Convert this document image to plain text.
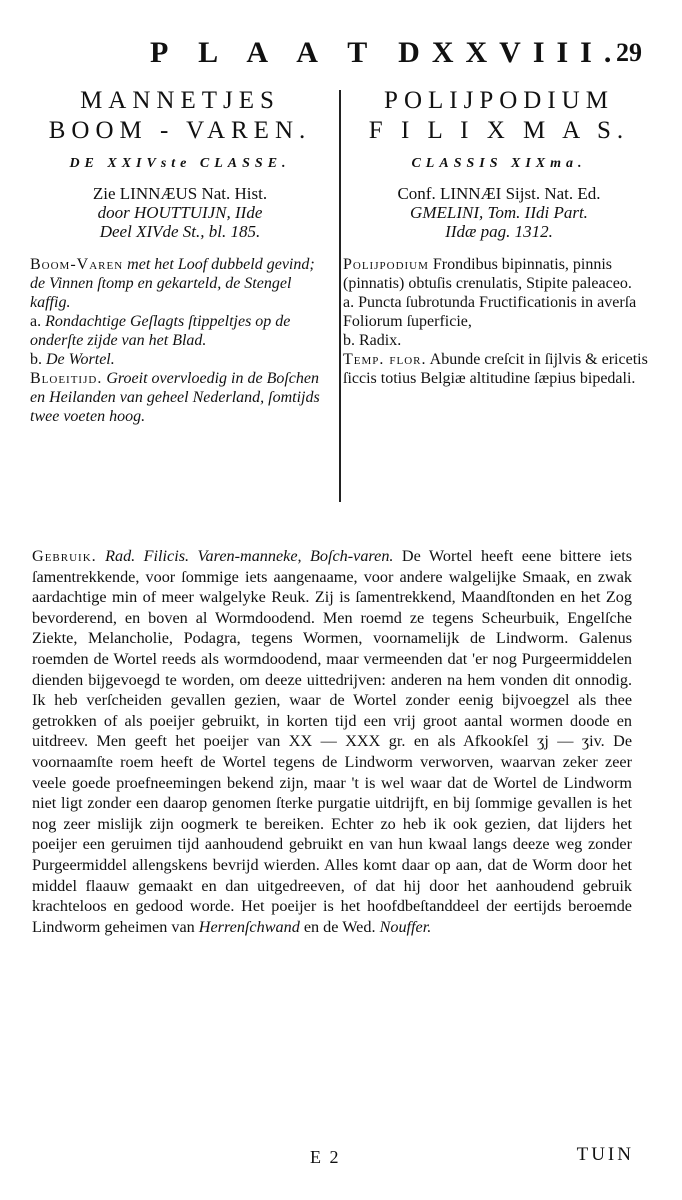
P L A A T DXXVIII.
29
MANNETJES
BOOM - VAREN.
DE XXIVste CLASSE.
Zie LINNÆUS Nat. Hist.
door HOUTTUIJN, IIde
Deel XIVde St., bl. 185.

Boom-Varen met het Loof dubbeld gevind; de Vinnen ſtomp en gekarteld, de Stengel kaffig.

a. Rondachtige Geſlagts ſtippeltjes op de onderſte zijde van het Blad.

b. De Wortel.

Bloeitijd. Groeit overvloedig in de Boſchen en Heilanden van geheel Nederland, ſomtijds twee voeten hoog.

POLIJPODIUM
F I L I X M A S.
CLASSIS XIXma.
Conf. LINNÆI Sijst. Nat. Ed.
GMELINI, Tom. IIdi Part.
IIdæ pag. 1312.

Polijpodium Frondibus bipinnatis, pinnis (pinnatis) obtuſis crenulatis, Stipite paleaceo.

a. Puncta ſubrotunda Fructificationis in averſa Foliorum ſuperficie,

b. Radix.

Temp. flor. Abunde creſcit in ſijlvis & ericetis ſiccis totius Belgiæ altitudine ſæpius bipedali.

Gebruik. Rad. Filicis. Varen-manneke, Boſch-varen. De Wortel heeft eene bittere iets ſamentrekkende, voor ſommige iets aangenaame, voor andere walgelijke Smaak, en zwak aardachtige min of meer walgelyke Reuk. Zij is ſamentrekkend, Maandſtonden en het Zog bevorderend, en boven al Wormdoodend. Men roemd ze tegens Scheurbuik, Engelſche Ziekte, Melancholie, Podagra, tegens Wormen, voornamelijk de Lindworm. Galenus roemden de Wortel reeds als wormdoodend, maar vermeenden dat 'er nog Purgeermiddelen dienden bijgevoegd te worden, om deeze uittedrijven: anderen na hem vonden dit onnodig. Ik heb verſcheiden gevallen gezien, waar de Wortel zonder eenig bijvoegzel als thee getrokken of als poeijer gebruikt, in korten tijd een vrij groot aantal wormen doode en uitdreev. Men geeft het poeijer van XX — XXX gr. en als Afkookſel ʒj — ʒiv. De voornaamſte roem heeft de Wortel tegens de Lindworm verworven, waarvan zeker zeer veele goede proefneemingen bekend zijn, maar 't is wel waar dat de Wortel de Lindworm niet ligt zonder een daarop genomen ſterke purgatie uitdrijft, en bij ſommige gevallen is het nog zeer mislijk zijn oogmerk te bereiken. Echter zo heb ik ook gezien, dat lijders het poeijer een geruimen tijd aanhoudend gebruikt en van hun kwaal langs deeze weg zonder Purgeermiddel allengskens bevrijd wierden. Alles komt daar op aan, dat de Worm door het middel flaauw gemaakt en dan uitgedreeven, of dat hij door het aanhoudend gebruik krachteloos en gedood worde. Het poeijer is het hoofdbeſtanddeel der eertijds beroemde Lindworm geheimen van Herrenſchwand en de Wed. Nouffer.
E 2	TUIN
